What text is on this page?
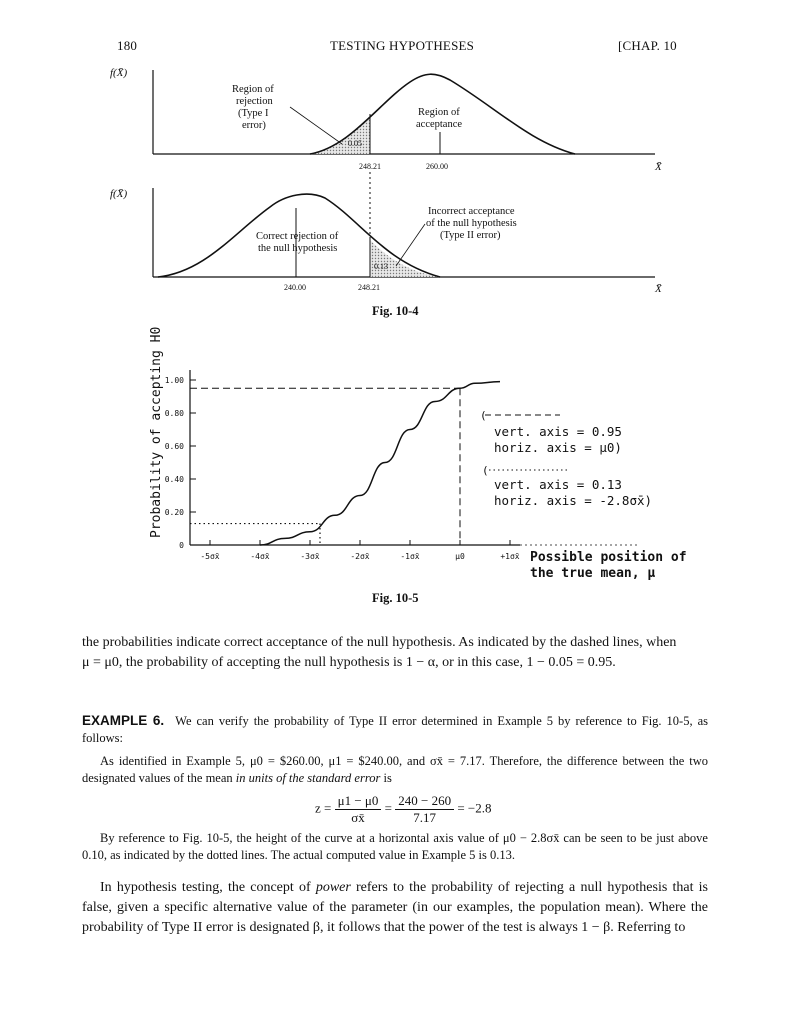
180	TESTING HYPOTHESES	[CHAP. 10
f(X̄)
Region of
rejection
(Type I
error)
Region of
acceptance
0.05
248.21	260.00	X̄
f(X̄)
Correct rejection of
the null hypothesis
Incorrect acceptance
of the null hypothesis
(Type II error)
0.13
240.00	248.21	X̄
Fig. 10-4
Probability of accepting H0 1.00
0.80
0.60
0.40
0.20
0
-5σx̄	-4σx̄	-3σx̄	-2σx̄	-1σx̄	μ0	+1σx̄
(
vert. axis = 0.95
horiz. axis = μ0)
(
vert. axis = 0.13
horiz. axis = -2.8σx̄)
Possible position of
the true mean, μ
Fig. 10-5
the probabilities indicate correct acceptance of the null hypothesis. As indicated by the dashed lines, when
μ = μ0, the probability of accepting the null hypothesis is 1 − α, or in this case, 1 − 0.05 = 0.95.
EXAMPLE 6. We can verify the probability of Type II error determined in Example 5 by reference to Fig. 10-5, as follows:
As identified in Example 5, μ0 = $260.00, μ1 = $240.00, and σx̄ = 7.17. Therefore, the difference between the two designated values of the mean in units of the standard error is
$z = \frac{\mu 1 - \mu 0}{\sigma x̄} = \frac{240 - 260}{7.17} = -2.8$
By reference to Fig. 10-5, the height of the curve at a horizontal axis value of μ0 − 2.8σx̄ can be seen to be just above 0.10, as indicated by the dotted lines. The actual computed value in Example 5 is 0.13.
In hypothesis testing, the concept of power refers to the probability of rejecting a null hypothesis that is false, given a specific alternative value of the parameter (in our examples, the population mean). Where the probability of Type II error is designated β, it follows that the power of the test is always 1 − β. Referring to
